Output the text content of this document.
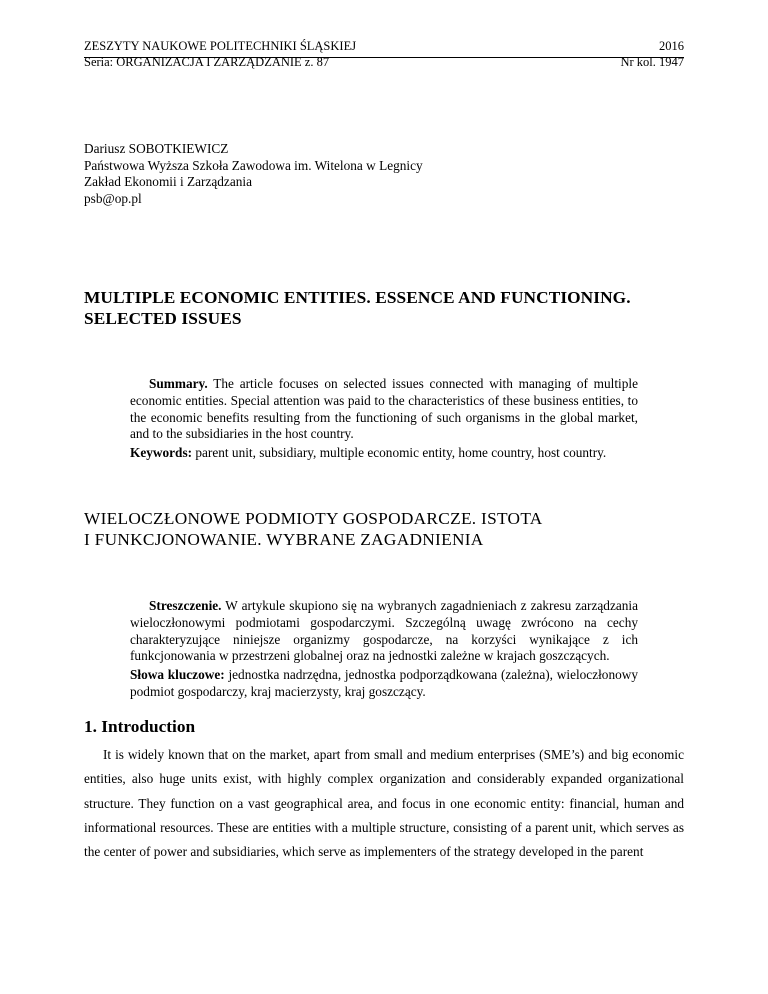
ZESZYTY NAUKOWE POLITECHNIKI ŚLĄSKIEJ	2016
Seria: ORGANIZACJA I ZARZĄDZANIE z. 87	Nr kol. 1947
Dariusz SOBOTKIEWICZ
Państwowa Wyższa Szkoła Zawodowa im. Witelona w Legnicy
Zakład Ekonomii i Zarządzania
psb@op.pl
MULTIPLE ECONOMIC ENTITIES. ESSENCE AND FUNCTIONING.
SELECTED ISSUES

Summary. The article focuses on selected issues connected with managing of multiple economic entities. Special attention was paid to the characteristics of these business entities, to the economic benefits resulting from the functioning of such organisms in the global market, and to the subsidiaries in the host country.

Keywords: parent unit, subsidiary, multiple economic entity, home country, host country.

WIELOCZŁONOWE PODMIOTY GOSPODARCZE. ISTOTA
I FUNKCJONOWANIE. WYBRANE ZAGADNIENIA

Streszczenie. W artykule skupiono się na wybranych zagadnieniach z zakresu zarządzania wieloczłonowymi podmiotami gospodarczymi. Szczególną uwagę zwrócono na cechy charakteryzujące niniejsze organizmy gospodarcze, na korzyści wynikające z ich funkcjonowania w przestrzeni globalnej oraz na jednostki zależne w krajach goszczących.

Słowa kluczowe: jednostka nadrzędna, jednostka podporządkowana (zależna), wieloczłonowy podmiot gospodarczy, kraj macierzysty, kraj goszczący.

1. Introduction

It is widely known that on the market, apart from small and medium enterprises (SME’s) and big economic entities, also huge units exist, with highly complex organization and considerably expanded organizational structure. They function on a vast geographical area, and focus in one economic entity: financial, human and informational resources. These are entities with a multiple structure, consisting of a parent unit, which serves as the center of power and subsidiaries, which serve as implementers of the strategy developed in the parent
